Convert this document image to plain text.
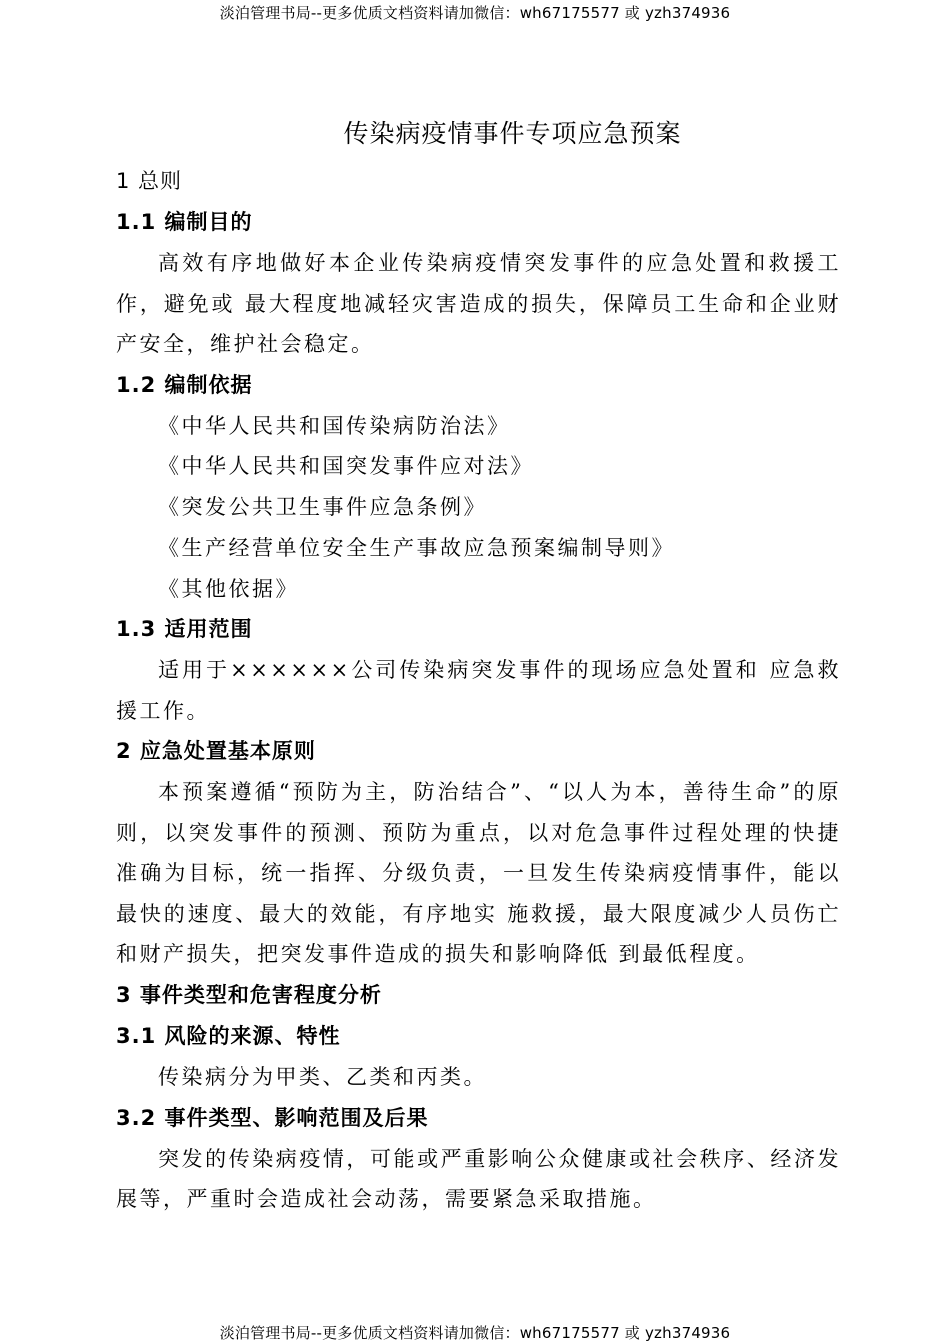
淡泊管理书局--更多优质文档资料请加微信：wh67175577 或 yzh374936
传染病疫情事件专项应急预案
1 总则
1.1 编制目的
高效有序地做好本企业传染病疫情突发事件的应急处置和救援工作，避免或 最大程度地减轻灾害造成的损失，保障员工生命和企业财产安全，维护社会稳定。
1.2 编制依据
《中华人民共和国传染病防治法》
《中华人民共和国突发事件应对法》
《突发公共卫生事件应急条例》
《生产经营单位安全生产事故应急预案编制导则》
《其他依据》
1.3 适用范围
适用于××××××公司传染病突发事件的现场应急处置和 应急救援工作。
2 应急处置基本原则
本预案遵循“预防为主，防治结合”、“以人为本，善待生命”的原则，以突发事件的预测、预防为重点，以对危急事件过程处理的快捷准确为目标，统一指挥、分级负责，一旦发生传染病疫情事件，能以最快的速度、最大的效能，有序地实 施救援，最大限度减少人员伤亡和财产损失，把突发事件造成的损失和影响降低 到最低程度。
3 事件类型和危害程度分析
3.1 风险的来源、特性
传染病分为甲类、乙类和丙类。
3.2 事件类型、影响范围及后果
突发的传染病疫情，可能或严重影响公众健康或社会秩序、经济发展等，严重时会造成社会动荡，需要紧急采取措施。
淡泊管理书局--更多优质文档资料请加微信：wh67175577 或 yzh374936
